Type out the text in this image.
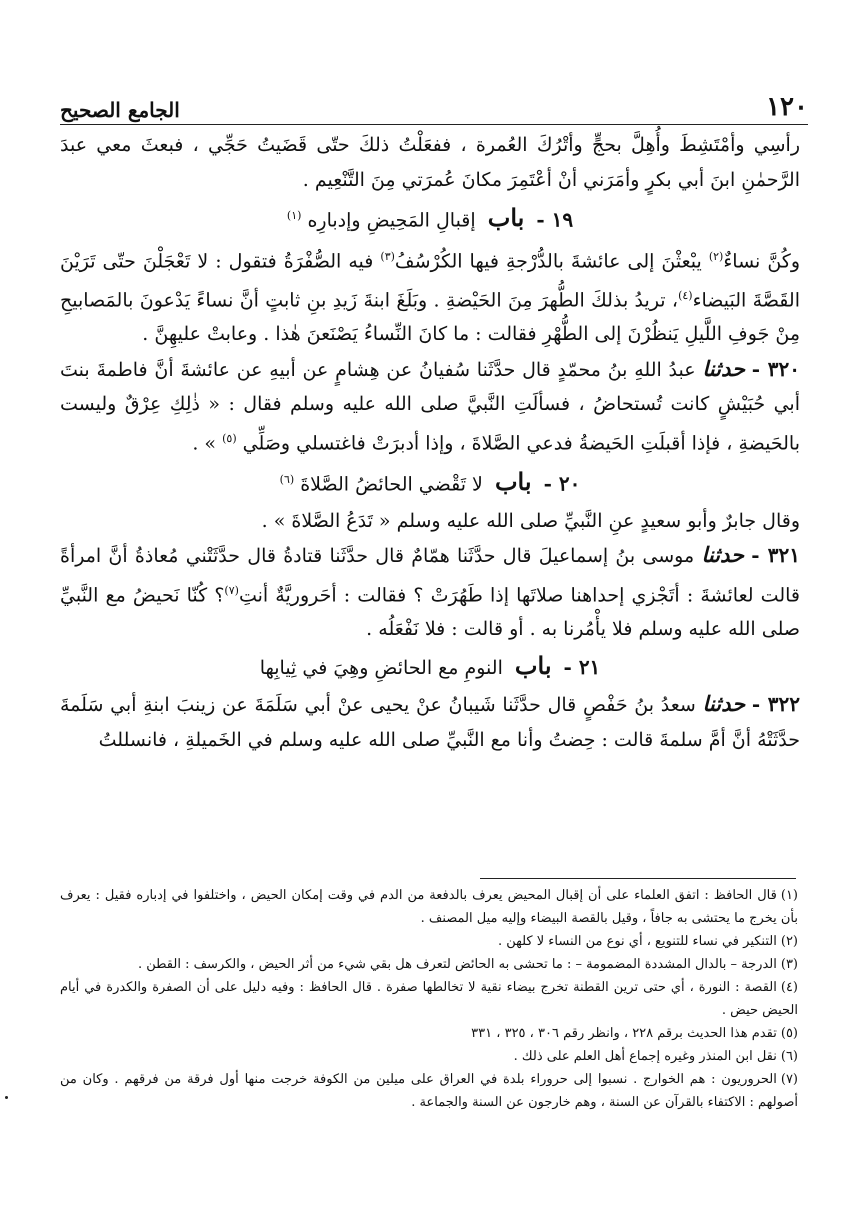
الجامع الصحيح	١٢٠

رأسِي وأمْتَشِطَ وأُهِلَّ بحجٍّ وأتْرُكَ العُمرة ، ففعَلْتُ ذلكَ حتّى قَضَيتُ حَجِّي ، فبعثَ معي عبدَ الرَّحمٰنِ ابنَ أبي بكرٍ وأمَرَني أنْ أعْتَمِرَ مكانَ عُمرَتي مِنَ التَّنْعِيم .

١٩ - باب إقبالِ المَحِيضِ وإدبارِه $^{(١)}$

وكُنَّ نساءٌ$^{(٢)}$ يبْعثْنَ إلى عائشةَ بالدُّرْجةِ فيها الكُرْسُفُ$^{(٣)}$ فيه الصُّفْرَةُ فتقول : لا تَعْجَلْنَ حتّى تَرَيْنَ القَصَّةَ البَيضاء$^{(٤)}$، تريدُ بذلكَ الطُّهرَ مِنَ الحَيْضةِ . وبَلَغَ ابنةَ زَيدِ بنِ ثابتٍ أنَّ نساءً يَدْعونَ بالمَصابيحِ مِنْ جَوفِ اللَّيلِ يَنظُرْنَ إلى الطُّهْرِ فقالت : ما كانَ النِّساءُ يَصْنَعنَ هٰذا . وعابتْ عليهِنَّ .

٣٢٠ - حدثنا عبدُ اللهِ بنُ محمّدٍ قال حدَّثَنا سُفيانُ عن هِشامٍ عن أبيهِ عن عائشةَ أنَّ فاطمةَ بنتَ أبي حُبَيْشٍ كانت تُستحاضُ ، فسألَتِ النَّبيَّ صلى الله عليه وسلم فقال : « ذٰلِكِ عِرْقٌ وليست بالحَيضةِ ، فإذا أقبلَتِ الحَيضةُ فدعي الصَّلاةَ ، وإذا أدبرَتْ فاغتسلي وصَلِّي $^{(٥)}$ » .

٢٠ - باب لا تَقْضي الحائضُ الصَّلاةَ $^{(٦)}$

وقال جابرٌ وأبو سعيدٍ عنِ النَّبيِّ صلى الله عليه وسلم « تَدَعُ الصَّلاةَ » .

٣٢١ - حدثنا موسى بنُ إسماعيلَ قال حدَّثَنا همّامٌ قال حدَّثَنا قتادةُ قال حدَّثَتْني مُعاذةُ أنَّ امرأةً قالت لعائشةَ : أتَجْزي إحداهنا صلاتَها إذا طَهُرَتْ ؟ فقالت : أحَروريَّةٌ أنتِ$^{(٧)}$؟ كُنّا نَحيضُ مع النَّبيِّ صلى الله عليه وسلم فلا يأْمُرنا به . أو قالت : فلا نَفْعَلُه .

٢١ - باب النومِ مع الحائضِ وهِيَ في ثِيابِها

٣٢٢ - حدثنا سعدُ بنُ حَفْصٍ قال حدَّثَنا شَيبانُ عنْ يحيى عنْ أبي سَلَمَةَ عن زينبَ ابنةِ أبي سَلَمةَ حدَّثَتْهُ أنَّ أمَّ سلمةَ قالت : حِضتُ وأنا مع النَّبيِّ صلى الله عليه وسلم في الخَميلةِ ، فانسللتُ

(١)قال الحافظ : اتفق العلماء على أن إقبال المحيض يعرف بالدفعة من الدم في وقت إمكان الحيض ، واختلفوا في إدباره فقيل : يعرف بأن يخرج ما يحتشى به جافاً ، وقيل بالقصة البيضاء وإليه ميل المصنف .

(٢)التنكير في نساء للتنويع ، أي نوع من النساء لا كلهن .

(٣)الدرجة – بالدال المشددة المضمومة – : ما تحشى به الحائض لتعرف هل بقي شيء من أثر الحيض ، والكرسف : القطن .

(٤)القصة : النورة ، أي حتى ترين القطنة تخرج بيضاء نقية لا تخالطها صفرة . قال الحافظ : وفيه دليل على أن الصفرة والكدرة في أيام الحيض حيض .

(٥)تقدم هذا الحديث برقم ٢٢٨ ، وانظر رقم ٣٠٦ ، ٣٢٥ ، ٣٣١

(٦)نقل ابن المنذر وغيره إجماع أهل العلم على ذلك .

(٧)الحروريون : هم الخوارج . نسبوا إلى حروراء بلدة في العراق على ميلين من الكوفة خرجت منها أول فرقة من فرقهم . وكان من أصولهم : الاكتفاء بالقرآن عن السنة ، وهم خارجون عن السنة والجماعة .
